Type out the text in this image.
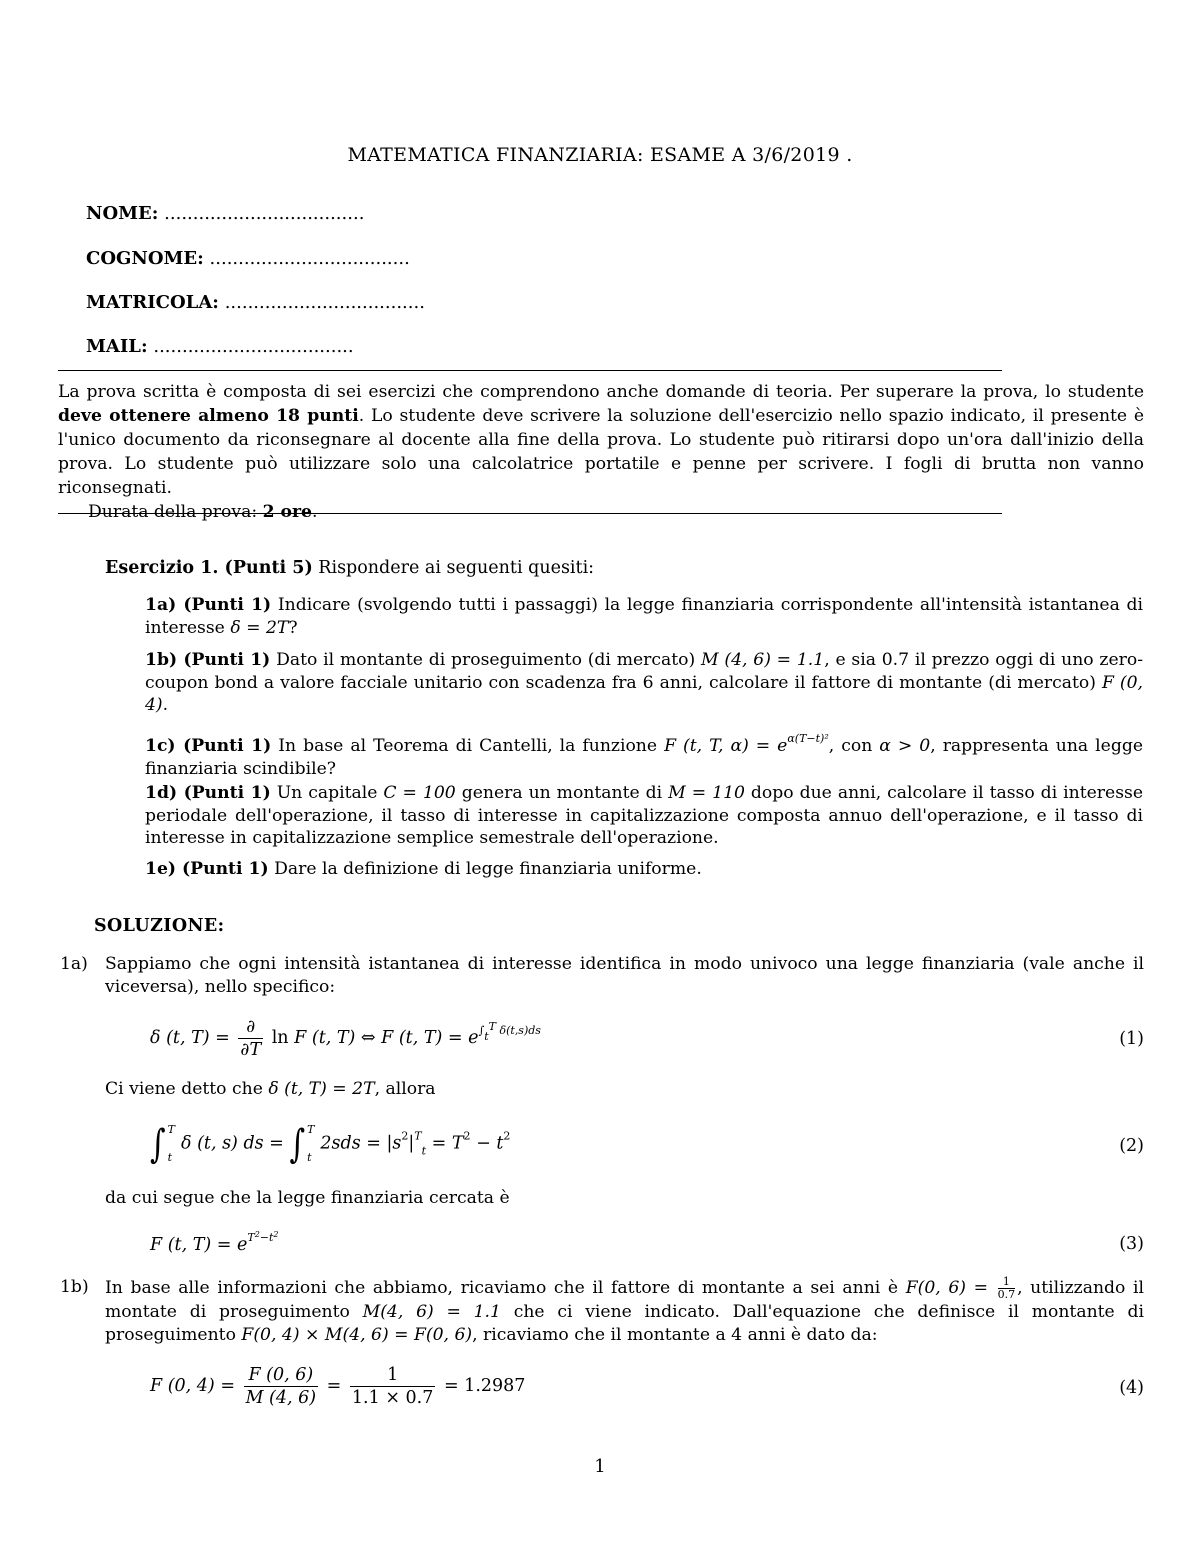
MATEMATICA FINANZIARIA: ESAME A 3/6/2019 .
NOME: ...................................
COGNOME: ...................................
MATRICOLA: ...................................
MAIL: ...................................

La prova scritta è composta di sei esercizi che comprendono anche domande di teoria. Per superare la prova, lo studente deve ottenere almeno 18 punti. Lo studente deve scrivere la soluzione dell'esercizio nello spazio indicato, il presente è l'unico documento da riconsegnare al docente alla fine della prova. Lo studente può ritirarsi dopo un'ora dall'inizio della prova. Lo studente può utilizzare solo una calcolatrice portatile e penne per scrivere. I fogli di brutta non vanno riconsegnati.

Durata della prova: 2 ore.

Esercizio 1. (Punti 5) Rispondere ai seguenti quesiti:
1a) (Punti 1) Indicare (svolgendo tutti i passaggi) la legge finanziaria corrispondente all'intensità istantanea di interesse δ = 2T?
1b) (Punti 1) Dato il montante di proseguimento (di mercato) M (4, 6) = 1.1, e sia 0.7 il prezzo oggi di uno zero-coupon bond a valore facciale unitario con scadenza fra 6 anni, calcolare il fattore di montante (di mercato) F (0, 4).
1c) (Punti 1) In base al Teorema di Cantelli, la funzione F (t, T, $\alpha) = e^{\alpha(T-t)^2}$, con α > 0, rappresenta una legge finanziaria scindibile?
1d) (Punti 1) Un capitale C = 100 genera un montante di M = 110 dopo due anni, calcolare il tasso di interesse periodale dell'operazione, il tasso di interesse in capitalizzazione composta annuo dell'operazione, e il tasso di interesse in capitalizzazione semplice semestrale dell'operazione.
1e) (Punti 1) Dare la definizione di legge finanziaria uniforme.
SOLUZIONE:
1a) Sappiamo che ogni intensità istantanea di interesse identifica in modo univoco una legge finanziaria (vale anche il viceversa), nello specifico:
δ (t, $T) = \frac{\partial}{\partial T}$ ln F (t, T) ⇔ F (t, $T) = e^{\int tT \delta(t,s)ds}$	(1)
Ci viene detto che δ (t, T) = 2T, allora
∫ T
t
δ (t, s) ds = ∫ T
t
$2sds = |s^2|^T_t = T^2 - t^2$	(2)
da cui segue che la legge finanziaria cercata è
F (t, $T) = e^{T^2-t^2}$	(3)
1b) In base alle informazioni che abbiamo, ricaviamo che il fattore di montante a sei anni è F(0, $6) = \frac{1}{0.7}$ , utilizzando il montate di proseguimento M(4, 6) = 1.1 che ci viene indicato. Dall'equazione che definisce il montante di proseguimento F(0, 4) × M(4, 6) = F(0, 6), ricaviamo che il montante a 4 anni è dato da:
F (0, $4) = \frac{F (0, 6)}{M (4, 6)} = \frac{1}{1.1 \times 0.7} = 1.2987$	(4)
1
